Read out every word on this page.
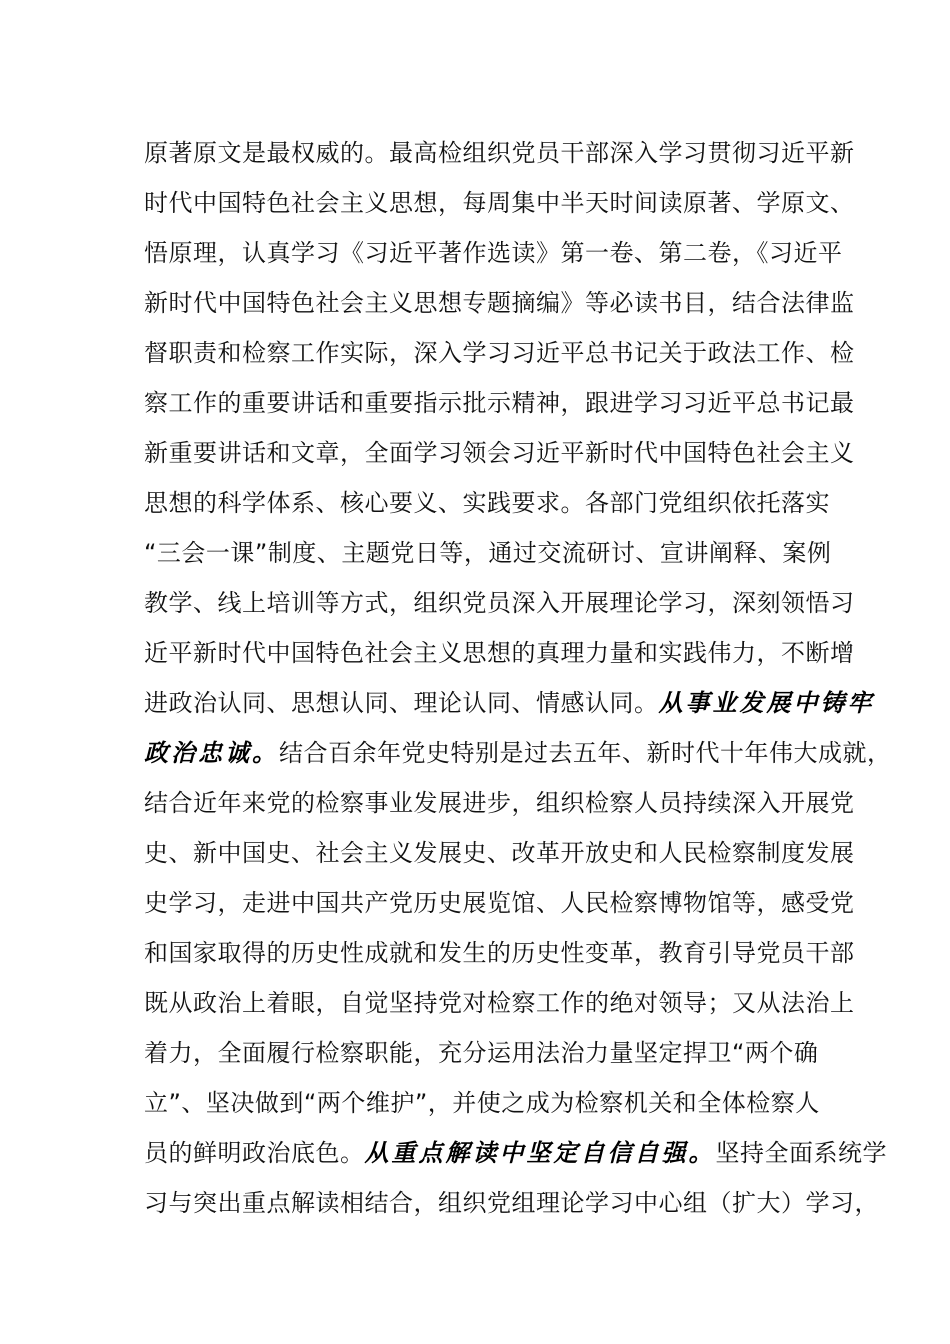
原著原文是最权威的。最高检组织党员干部深入学习贯彻习近平新
时代中国特色社会主义思想，每周集中半天时间读原著、学原文、
悟原理，认真学习《习近平著作选读》第一卷、第二卷，《习近平
新时代中国特色社会主义思想专题摘编》等必读书目，结合法律监
督职责和检察工作实际，深入学习习近平总书记关于政法工作、检
察工作的重要讲话和重要指示批示精神，跟进学习习近平总书记最
新重要讲话和文章，全面学习领会习近平新时代中国特色社会主义
思想的科学体系、核心要义、实践要求。各部门党组织依托落实
“三会一课”制度、主题党日等，通过交流研讨、宣讲阐释、案例
教学、线上培训等方式，组织党员深入开展理论学习，深刻领悟习
近平新时代中国特色社会主义思想的真理力量和实践伟力，不断增
进政治认同、思想认同、理论认同、情感认同。从事业发展中铸牢
政治忠诚。结合百余年党史特别是过去五年、新时代十年伟大成就，
结合近年来党的检察事业发展进步，组织检察人员持续深入开展党
史、新中国史、社会主义发展史、改革开放史和人民检察制度发展
史学习，走进中国共产党历史展览馆、人民检察博物馆等，感受党
和国家取得的历史性成就和发生的历史性变革，教育引导党员干部
既从政治上着眼，自觉坚持党对检察工作的绝对领导；又从法治上
着力，全面履行检察职能，充分运用法治力量坚定捍卫“两个确
立”、坚决做到“两个维护”，并使之成为检察机关和全体检察人
员的鲜明政治底色。从重点解读中坚定自信自强。坚持全面系统学
习与突出重点解读相结合，组织党组理论学习中心组（扩大）学习，
